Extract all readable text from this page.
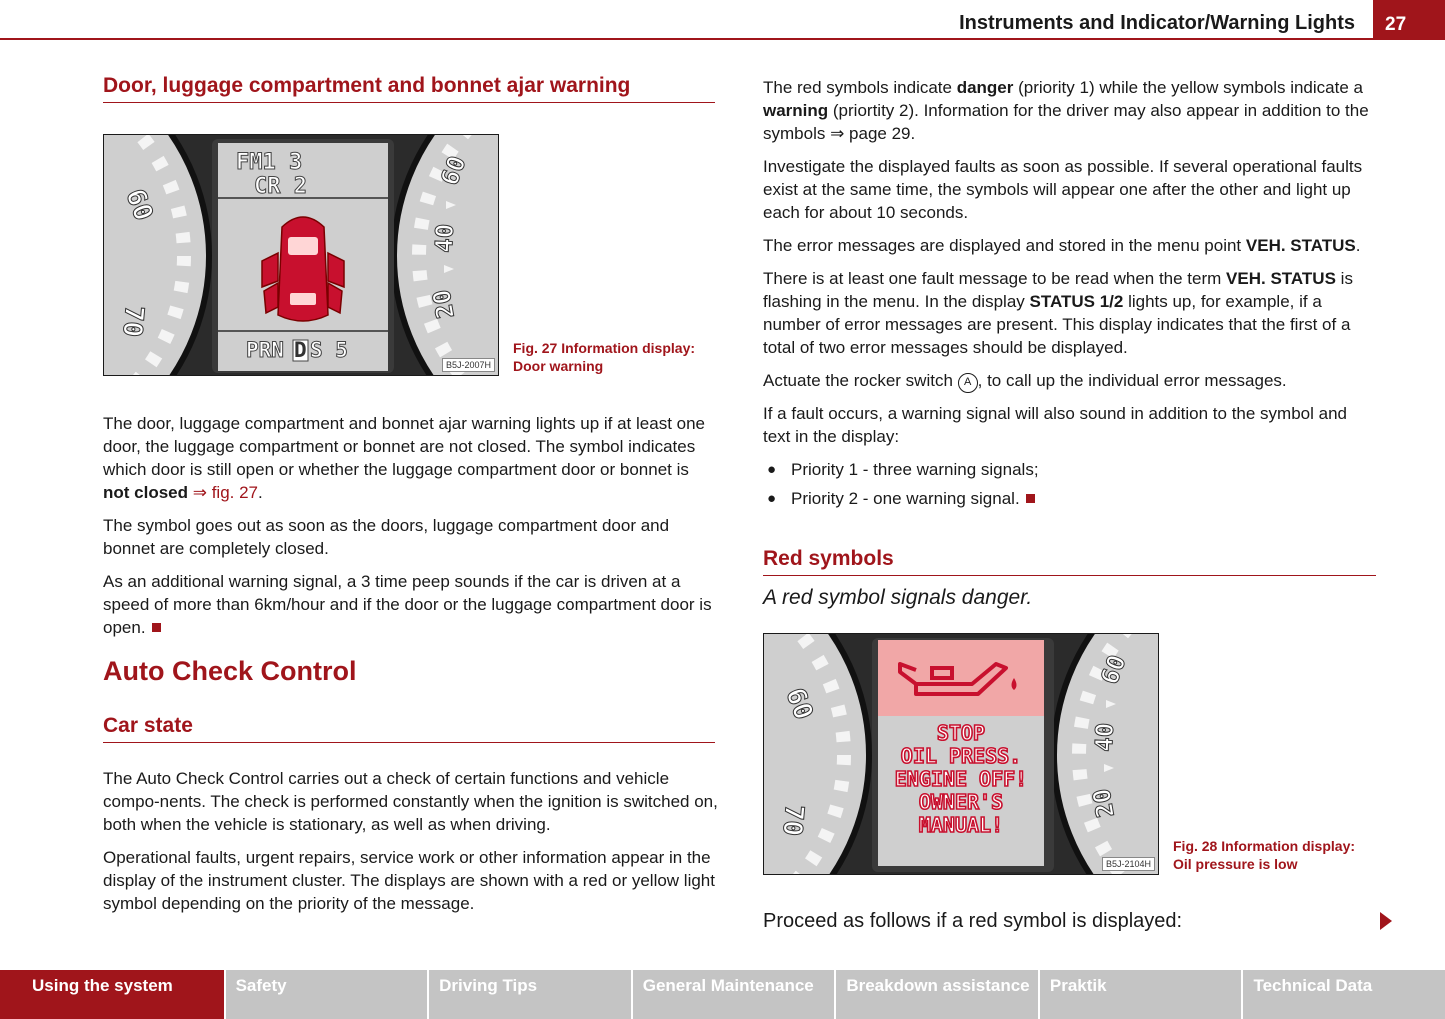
Instruments and Indicator/Warning Lights	27
Door, luggage compartment and bonnet ajar warning
60
70
60
40
20
FM1 3
CR 2
PRN D S 5
B5J-2007H
Fig. 27 Information display:
Door warning

The door, luggage compartment and bonnet ajar warning lights up if at least one door, the luggage compartment or bonnet are not closed. The symbol indicates which door is still open or whether the luggage compartment door or bonnet is not closed ⇒ fig. 27.

The symbol goes out as soon as the doors, luggage compartment door and bonnet are completely closed.

As an additional warning signal, a 3 time peep sounds if the car is driven at a speed of more than 6km/hour and if the door or the luggage compartment door is open.

Auto Check Control
Car state

The Auto Check Control carries out a check of certain functions and vehicle compo-nents. The check is performed constantly when the ignition is switched on, both when the vehicle is stationary, as well as when driving.

Operational faults, urgent repairs, service work or other information appear in the display of the instrument cluster. The displays are shown with a red or yellow light symbol depending on the priority of the message.

The red symbols indicate danger (priority 1) while the yellow symbols indicate a warning (priortity 2). Information for the driver may also appear in addition to the symbols ⇒ page 29.

Investigate the displayed faults as soon as possible. If several operational faults exist at the same time, the symbols will appear one after the other and light up each for about 10 seconds.

The error messages are displayed and stored in the menu point VEH. STATUS.

There is at least one fault message to be read when the term VEH. STATUS is flashing in the menu. In the display STATUS 1/2 lights up, for example, if a number of error messages are present. This display indicates that the first of a total of two error messages should be displayed.

Actuate the rocker switch A , to call up the individual error messages.

If a fault occurs, a warning signal will also sound in addition to the symbol and text in the display:

● Priority 1 - three warning signals;
● Priority 2 - one warning signal.
Red symbols
A red symbol signals danger.
60
70
60
40
20
STOP
OIL PRESS.
ENGINE OFF!
OWNER'S
MANUAL!
B5J-2104H
Fig. 28 Information display:
Oil pressure is low
Proceed as follows if a red symbol is displayed:
Using the system	Safety	Driving Tips	General Maintenance	Breakdown assistance	Praktik	Technical Data
